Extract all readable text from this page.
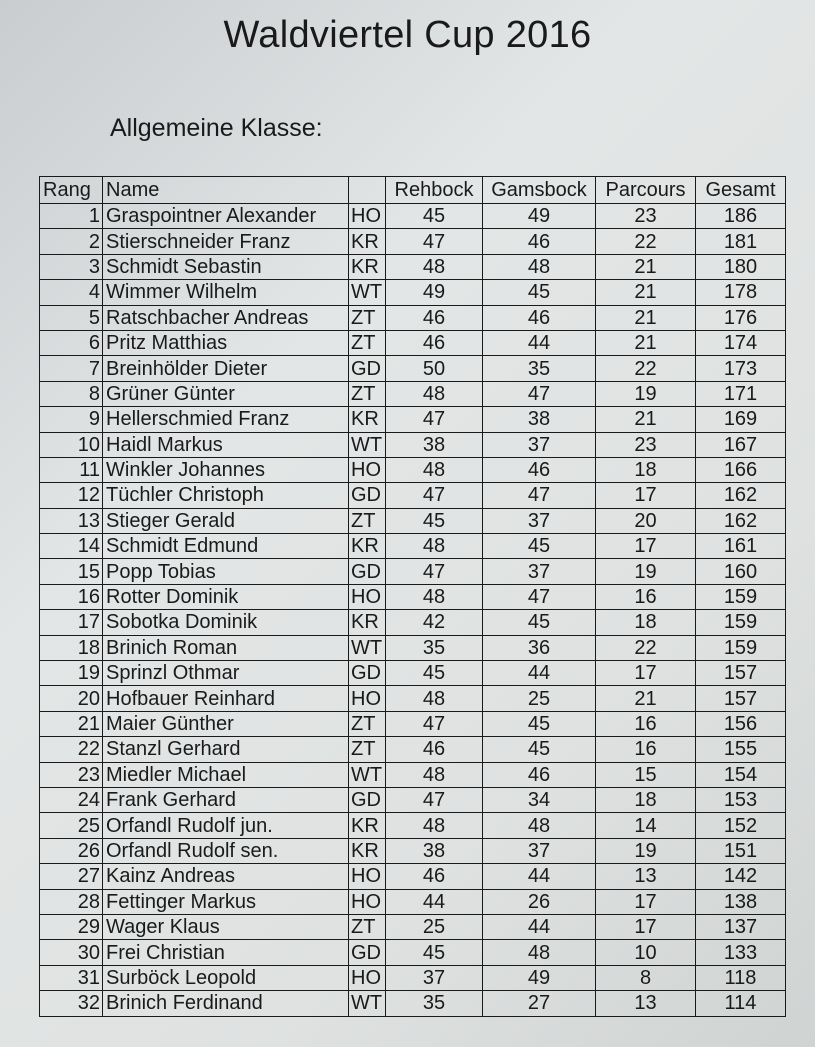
Waldviertel Cup 2016
Allgemeine Klasse:
Rang	Name		Rehbock	Gamsbock	Parcours	Gesamt
1	Graspointner Alexander	HO	45	49	23	186
2	Stierschneider Franz	KR	47	46	22	181
3	Schmidt Sebastin	KR	48	48	21	180
4	Wimmer Wilhelm	WT	49	45	21	178
5	Ratschbacher Andreas	ZT	46	46	21	176
6	Pritz Matthias	ZT	46	44	21	174
7	Breinhölder Dieter	GD	50	35	22	173
8	Grüner Günter	ZT	48	47	19	171
9	Hellerschmied Franz	KR	47	38	21	169
10	Haidl Markus	WT	38	37	23	167
11	Winkler Johannes	HO	48	46	18	166
12	Tüchler Christoph	GD	47	47	17	162
13	Stieger Gerald	ZT	45	37	20	162
14	Schmidt Edmund	KR	48	45	17	161
15	Popp Tobias	GD	47	37	19	160
16	Rotter Dominik	HO	48	47	16	159
17	Sobotka Dominik	KR	42	45	18	159
18	Brinich Roman	WT	35	36	22	159
19	Sprinzl Othmar	GD	45	44	17	157
20	Hofbauer Reinhard	HO	48	25	21	157
21	Maier Günther	ZT	47	45	16	156
22	Stanzl Gerhard	ZT	46	45	16	155
23	Miedler Michael	WT	48	46	15	154
24	Frank Gerhard	GD	47	34	18	153
25	Orfandl Rudolf jun.	KR	48	48	14	152
26	Orfandl Rudolf sen.	KR	38	37	19	151
27	Kainz Andreas	HO	46	44	13	142
28	Fettinger Markus	HO	44	26	17	138
29	Wager Klaus	ZT	25	44	17	137
30	Frei Christian	GD	45	48	10	133
31	Surböck Leopold	HO	37	49	8	118
32	Brinich Ferdinand	WT	35	27	13	114
